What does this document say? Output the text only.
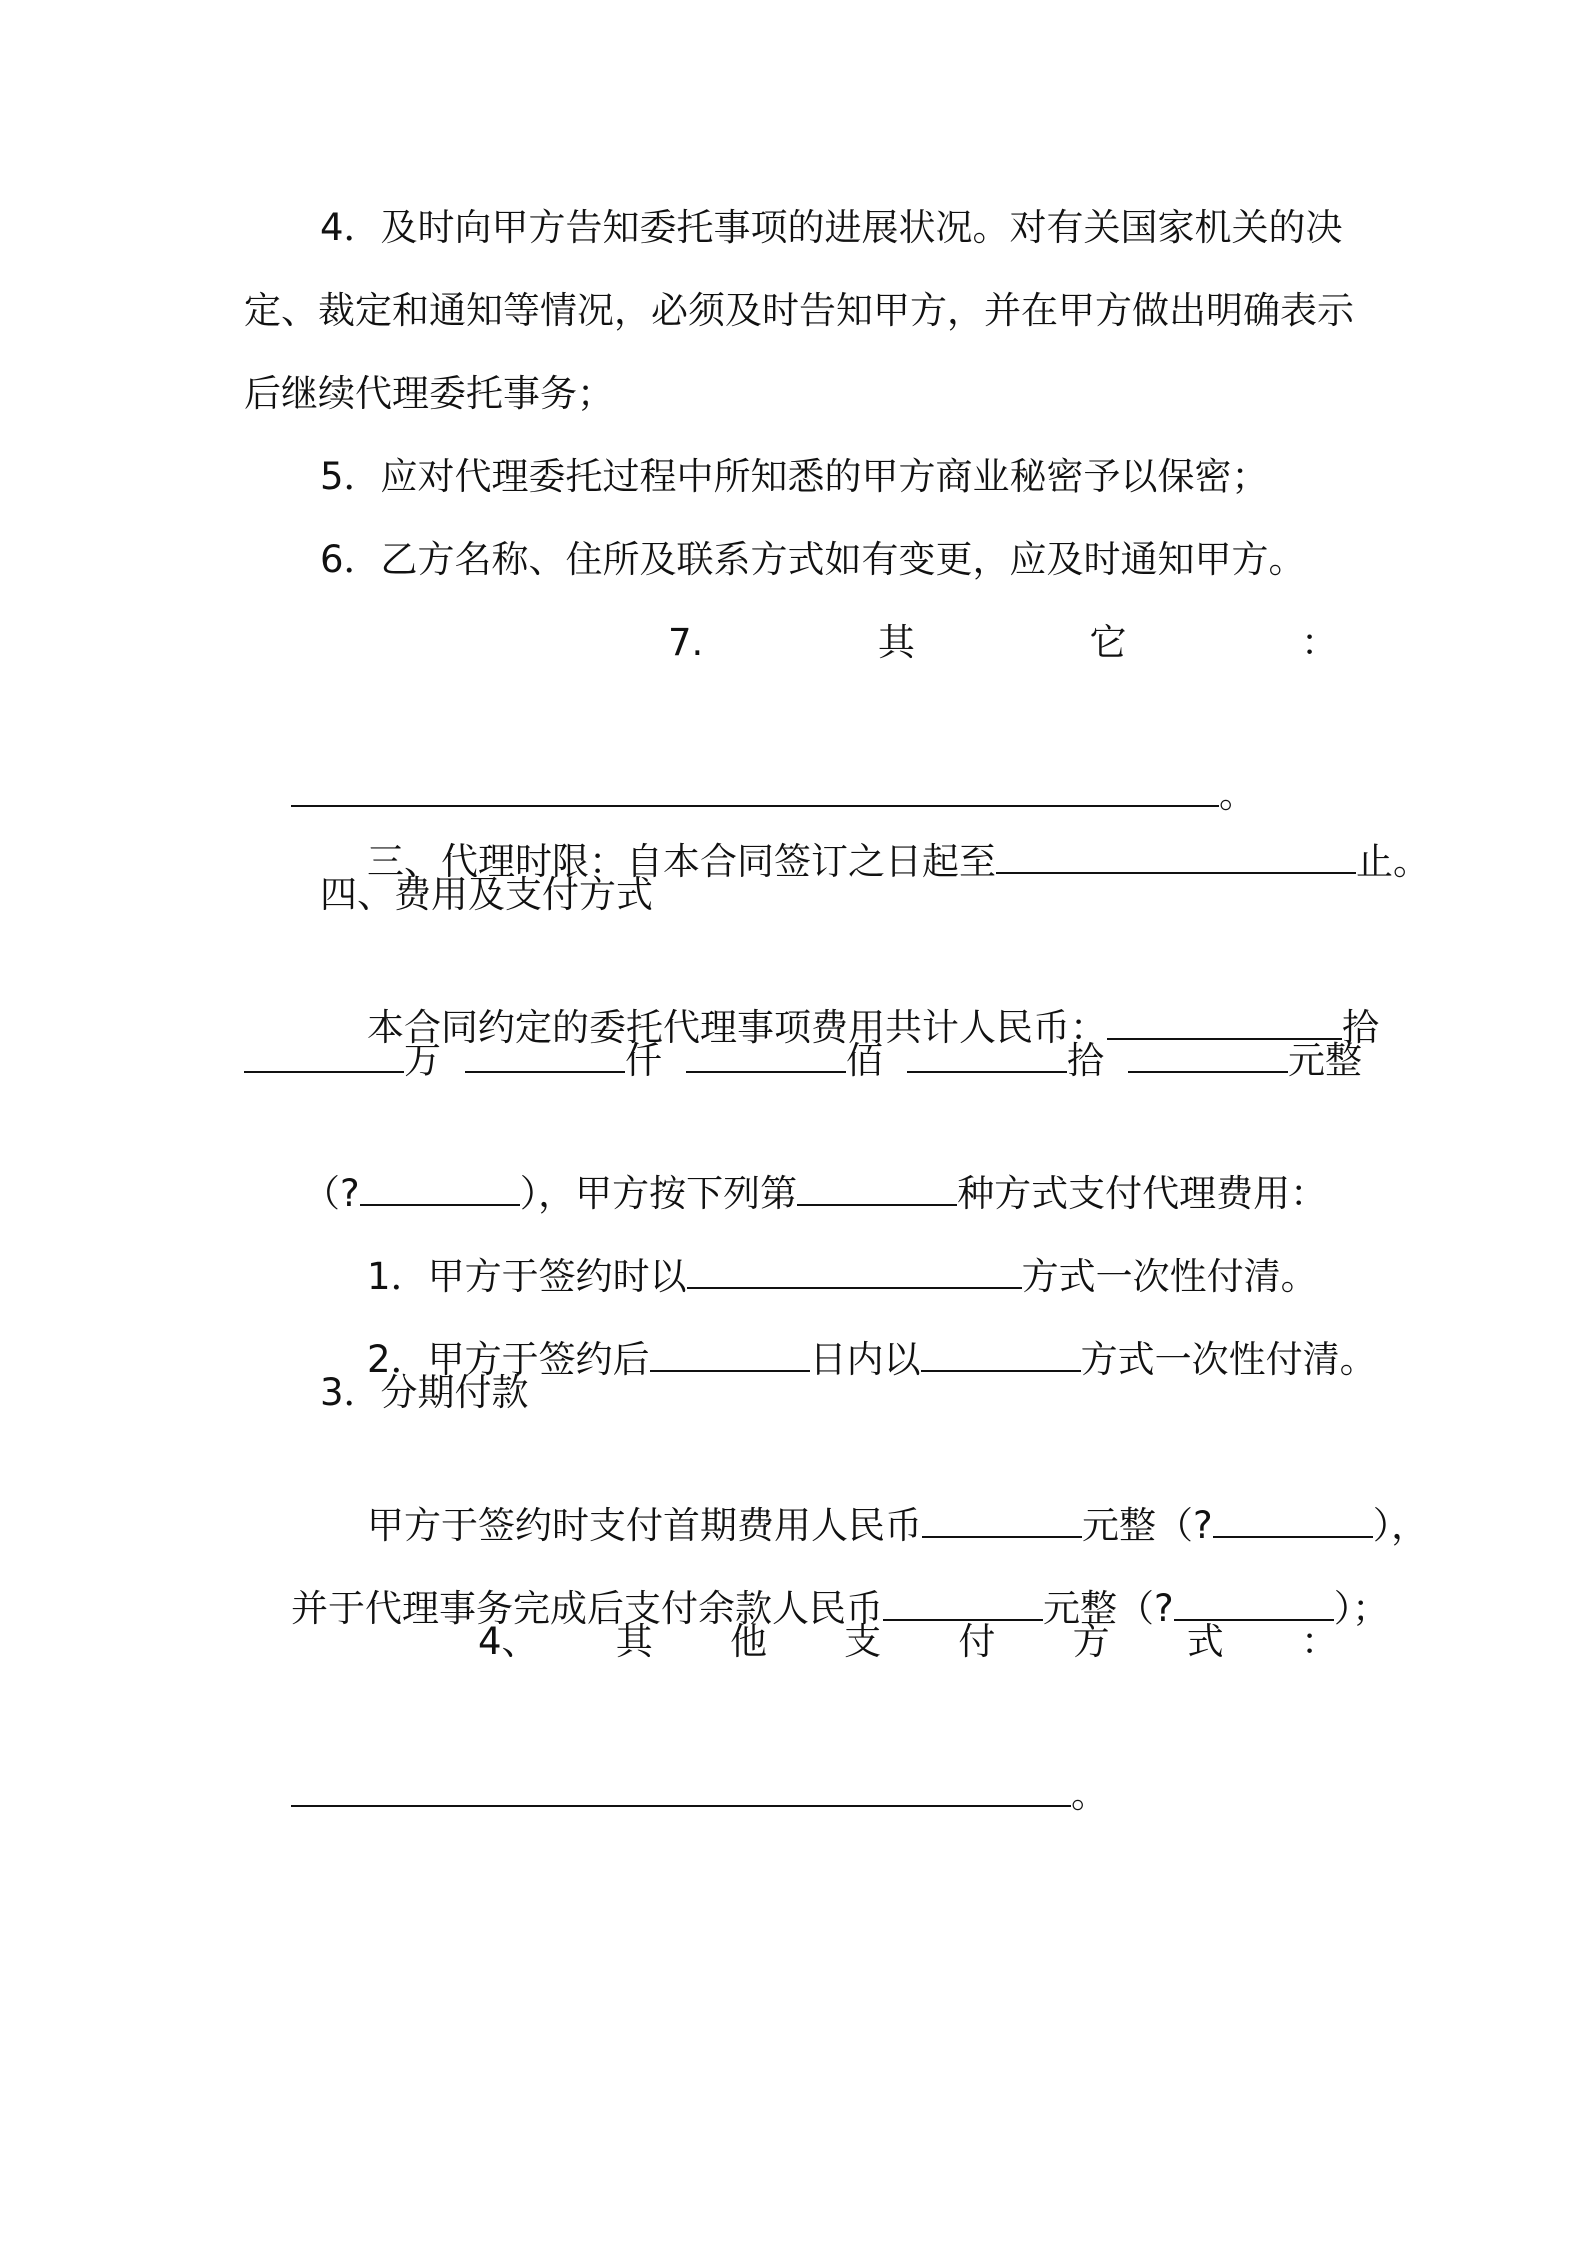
4．及时向甲方告知委托事项的进展状况。对有关国家机关的决
定、裁定和通知等情况，必须及时告知甲方，并在甲方做出明确表示
后继续代理委托事务；
5．应对代理委托过程中所知悉的甲方商业秘密予以保密；
6．乙方名称、住所及联系方式如有变更，应及时通知甲方。
7.	其	它	：

。

三、代理时限：自本合同签订之日起至	止。

四、费用及支付方式

本合同约定的委托代理事项费用共计人民币：	拾

万	仟	佰	拾	元整

（?	），甲方按下列第	种方式支付代理费用：

1．甲方于签约时以	方式一次性付清。

2．甲方于签约后	日内以	方式一次性付清。

3．分期付款

甲方于签约时支付首期费用人民币	元整（?	），

并于代理事务完成后支付余款人民币	元整（?	）；

4、 其 他 支 付 方 式 ：

。
